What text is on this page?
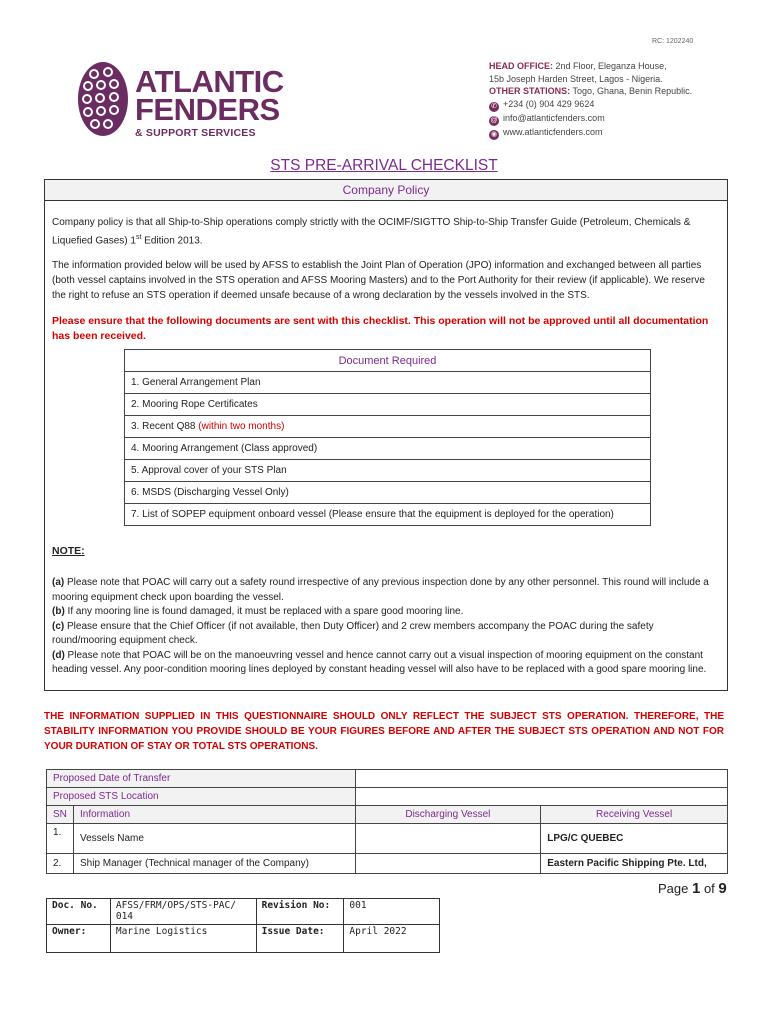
RC: 1202240
ATLANTIC
FENDERS
& SUPPORT SERVICES
HEAD OFFICE: 2nd Floor, Eleganza House,
15b Joseph Harden Street, Lagos - Nigeria.
OTHER STATIONS: Togo, Ghana, Benin Republic.
✆ +234 (0) 904 429 9624
@ info@atlanticfenders.com
◉ www.atlanticfenders.com
STS PRE-ARRIVAL CHECKLIST
Company Policy
Company policy is that all Ship-to-Ship operations comply strictly with the OCIMF/SIGTTO Ship-to-Ship Transfer Guide (Petroleum, Chemicals & Liquefied Gases) 1st Edition 2013.
The information provided below will be used by AFSS to establish the Joint Plan of Operation (JPO) information and exchanged between all parties (both vessel captains involved in the STS operation and AFSS Mooring Masters) and to the Port Authority for their review (if applicable). We reserve the right to refuse an STS operation if deemed unsafe because of a wrong declaration by the vessels involved in the STS.
Please ensure that the following documents are sent with this checklist. This operation will not be approved until all documentation has been received.
Document Required
1. General Arrangement Plan
2. Mooring Rope Certificates
3. Recent Q88 (within two months)
4. Mooring Arrangement (Class approved)
5. Approval cover of your STS Plan
6. MSDS (Discharging Vessel Only)
7. List of SOPEP equipment onboard vessel (Please ensure that the equipment is deployed for the operation)
NOTE:
(a) Please note that POAC will carry out a safety round irrespective of any previous inspection done by any other personnel. This round will include a mooring equipment check upon boarding the vessel.
(b) If any mooring line is found damaged, it must be replaced with a spare good mooring line.
(c) Please ensure that the Chief Officer (if not available, then Duty Officer) and 2 crew members accompany the POAC during the safety round/mooring equipment check.
(d) Please note that POAC will be on the manoeuvring vessel and hence cannot carry out a visual inspection of mooring equipment on the constant heading vessel. Any poor-condition mooring lines deployed by constant heading vessel will also have to be replaced with a good spare mooring line.
THE INFORMATION SUPPLIED IN THIS QUESTIONNAIRE SHOULD ONLY REFLECT THE SUBJECT STS OPERATION. THEREFORE, THE STABILITY INFORMATION YOU PROVIDE SHOULD BE YOUR FIGURES BEFORE AND AFTER THE SUBJECT STS OPERATION AND NOT FOR YOUR DURATION OF STAY OR TOTAL STS OPERATIONS.
Proposed Date of Transfer			
Proposed STS Location			
SN	Information	Discharging Vessel	Receiving Vessel
1.	Vessels Name		LPG/C QUEBEC
2.	Ship Manager (Technical manager of the Company)		Eastern Pacific Shipping Pte. Ltd,
Page 1 of 9
Doc. No.	AFSS/FRM/OPS/STS-PAC/ 014	Revision No:	001
Owner:	Marine Logistics	Issue Date:	April 2022
